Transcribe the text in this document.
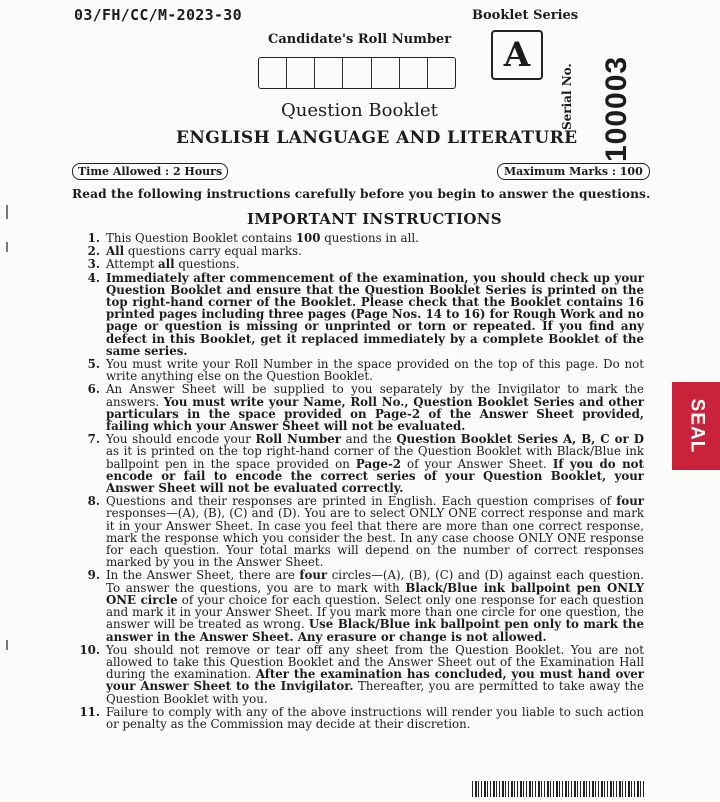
03/FH/CC/M-2023-30	Booklet Series
Candidate's Roll Number	A
Serial No. 100003
Question Booklet
ENGLISH LANGUAGE AND LITERATURE
Time Allowed : 2 Hours	Maximum Marks : 100
Read the following instructions carefully before you begin to answer the questions.
IMPORTANT INSTRUCTIONS
1. This Question Booklet contains 100 questions in all.
2. All questions carry equal marks.
3. Attempt all questions.
4. Immediately after commencement of the examination, you should check up your Question Booklet and ensure that the Question Booklet Series is printed on the top right-hand corner of the Booklet. Please check that the Booklet contains 16 printed pages including three pages (Page Nos. 14 to 16) for Rough Work and no page or question is missing or unprinted or torn or repeated. If you find any defect in this Booklet, get it replaced immediately by a complete Booklet of the same series.
5. You must write your Roll Number in the space provided on the top of this page. Do not write anything else on the Question Booklet.
6. An Answer Sheet will be supplied to you separately by the Invigilator to mark the answers. You must write your Name, Roll No., Question Booklet Series and other particulars in the space provided on Page-2 of the Answer Sheet provided, failing which your Answer Sheet will not be evaluated.
7. You should encode your Roll Number and the Question Booklet Series A, B, C or D as it is printed on the top right-hand corner of the Question Booklet with Black/Blue ink ballpoint pen in the space provided on Page-2 of your Answer Sheet. If you do not encode or fail to encode the correct series of your Question Booklet, your Answer Sheet will not be evaluated correctly.
8. Questions and their responses are printed in English. Each question comprises of four responses—(A), (B), (C) and (D). You are to select ONLY ONE correct response and mark it in your Answer Sheet. In case you feel that there are more than one correct response, mark the response which you consider the best. In any case choose ONLY ONE response for each question. Your total marks will depend on the number of correct responses marked by you in the Answer Sheet.
9. In the Answer Sheet, there are four circles—(A), (B), (C) and (D) against each question. To answer the questions, you are to mark with Black/Blue ink ballpoint pen ONLY ONE circle of your choice for each question. Select only one response for each question and mark it in your Answer Sheet. If you mark more than one circle for one question, the answer will be treated as wrong. Use Black/Blue ink ballpoint pen only to mark the answer in the Answer Sheet. Any erasure or change is not allowed.
10. You should not remove or tear off any sheet from the Question Booklet. You are not allowed to take this Question Booklet and the Answer Sheet out of the Examination Hall during the examination. After the examination has concluded, you must hand over your Answer Sheet to the Invigilator. Thereafter, you are permitted to take away the Question Booklet with you.
11. Failure to comply with any of the above instructions will render you liable to such action or penalty as the Commission may decide at their discretion.
SEAL
